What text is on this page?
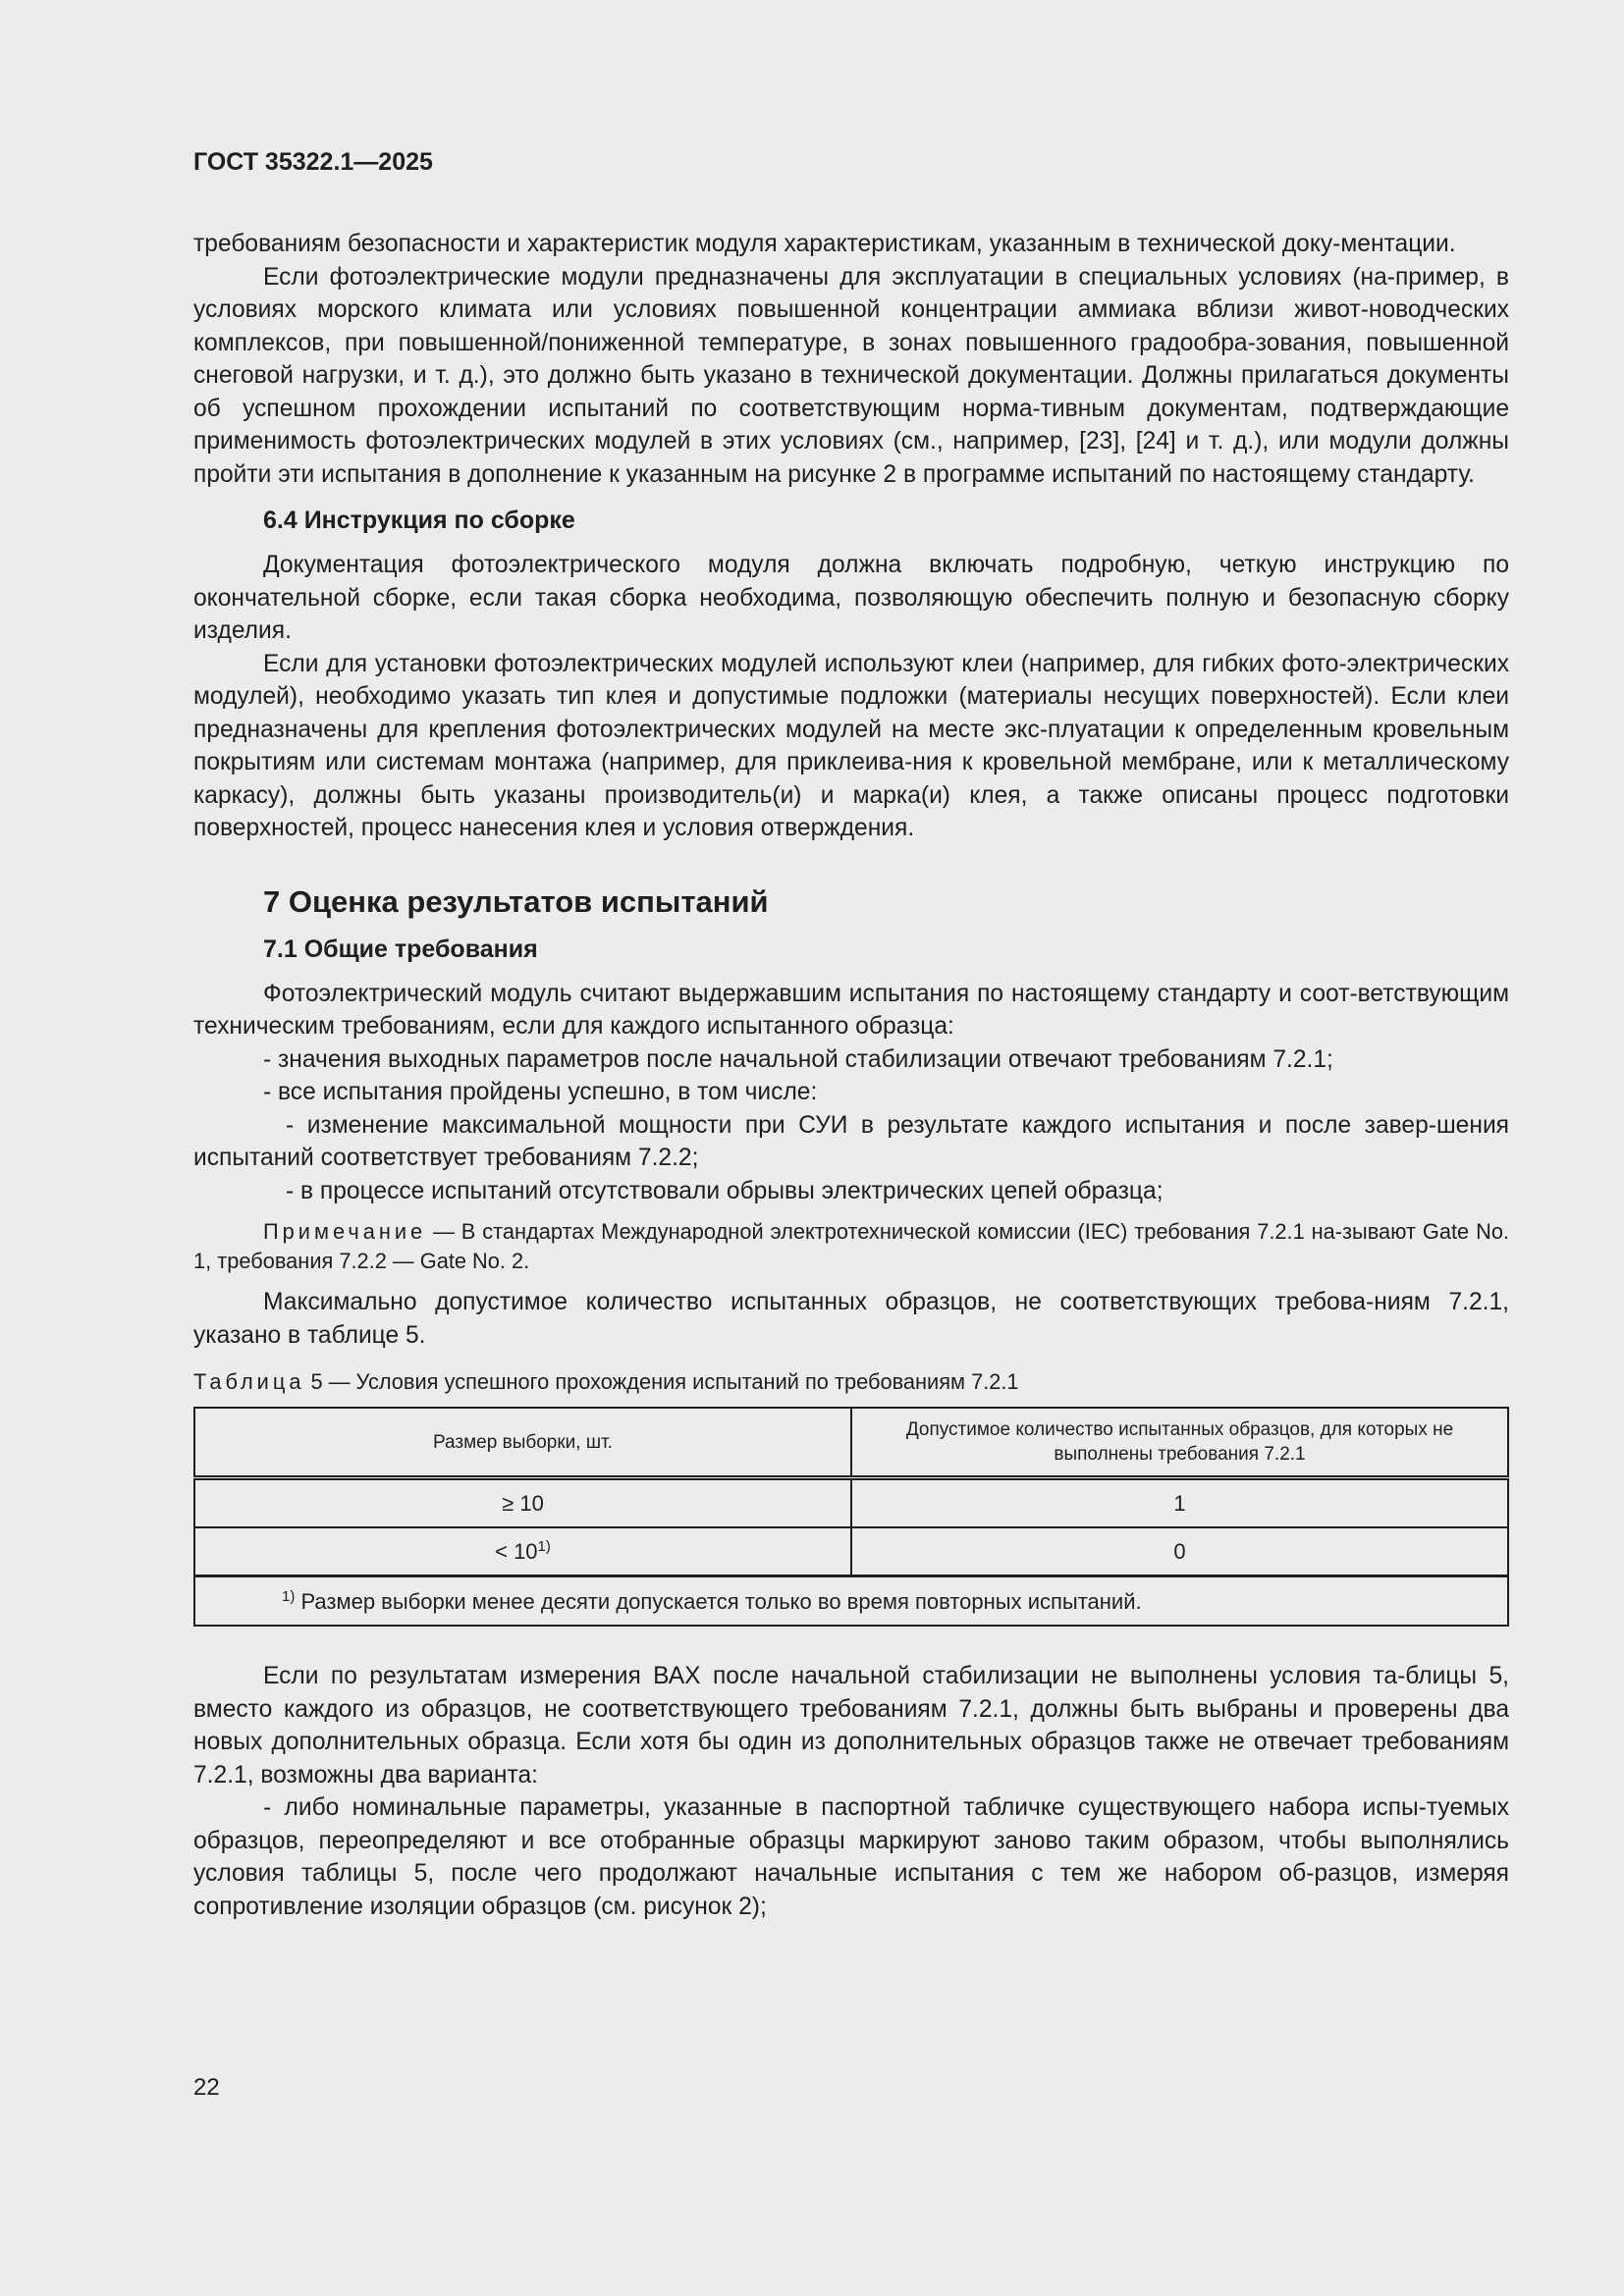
ГОСТ 35322.1—2025

требованиям безопасности и характеристик модуля характеристикам, указанным в технической доку-ментации.

Если фотоэлектрические модули предназначены для эксплуатации в специальных условиях (на-пример, в условиях морского климата или условиях повышенной концентрации аммиака вблизи живот-новодческих комплексов, при повышенной/пониженной температуре, в зонах повышенного градообра-зования, повышенной снеговой нагрузки, и т. д.), это должно быть указано в технической документации. Должны прилагаться документы об успешном прохождении испытаний по соответствующим норма-тивным документам, подтверждающие применимость фотоэлектрических модулей в этих условиях (см., например, [23], [24] и т. д.), или модули должны пройти эти испытания в дополнение к указанным на рисунке 2 в программе испытаний по настоящему стандарту.

6.4 Инструкция по сборке

Документация фотоэлектрического модуля должна включать подробную, четкую инструкцию по окончательной сборке, если такая сборка необходима, позволяющую обеспечить полную и безопасную сборку изделия.

Если для установки фотоэлектрических модулей используют клеи (например, для гибких фото-электрических модулей), необходимо указать тип клея и допустимые подложки (материалы несущих поверхностей). Если клеи предназначены для крепления фотоэлектрических модулей на месте экс-плуатации к определенным кровельным покрытиям или системам монтажа (например, для приклеива-ния к кровельной мембране, или к металлическому каркасу), должны быть указаны производитель(и) и марка(и) клея, а также описаны процесс подготовки поверхностей, процесс нанесения клея и условия отверждения.

7 Оценка результатов испытаний
7.1 Общие требования

Фотоэлектрический модуль считают выдержавшим испытания по настоящему стандарту и соот-ветствующим техническим требованиям, если для каждого испытанного образца:

- значения выходных параметров после начальной стабилизации отвечают требованиям 7.2.1;

- все испытания пройдены успешно, в том числе:

- изменение максимальной мощности при СУИ в результате каждого испытания и после завер-шения испытаний соответствует требованиям 7.2.2;

- в процессе испытаний отсутствовали обрывы электрических цепей образца;

Примечание — В стандартах Международной электротехнической комиссии (IEC) требования 7.2.1 на-зывают Gate No. 1, требования 7.2.2 — Gate No. 2.

Максимально допустимое количество испытанных образцов, не соответствующих требова-ниям 7.2.1, указано в таблице 5.

Таблица 5 — Условия успешного прохождения испытаний по требованиям 7.2.1

Размер выборки, шт.	Допустимое количество испытанных образцов, для которых не выполнены требования 7.2.1
≥ 10	1
< $10^{1)}$	0
$^{1)}$ Размер выборки менее десяти допускается только во время повторных испытаний.	

Если по результатам измерения ВАХ после начальной стабилизации не выполнены условия та-блицы 5, вместо каждого из образцов, не соответствующего требованиям 7.2.1, должны быть выбраны и проверены два новых дополнительных образца. Если хотя бы один из дополнительных образцов также не отвечает требованиям 7.2.1, возможны два варианта:

- либо номинальные параметры, указанные в паспортной табличке существующего набора испы-туемых образцов, переопределяют и все отобранные образцы маркируют заново таким образом, чтобы выполнялись условия таблицы 5, после чего продолжают начальные испытания с тем же набором об-разцов, измеряя сопротивление изоляции образцов (см. рисунок 2);

22
